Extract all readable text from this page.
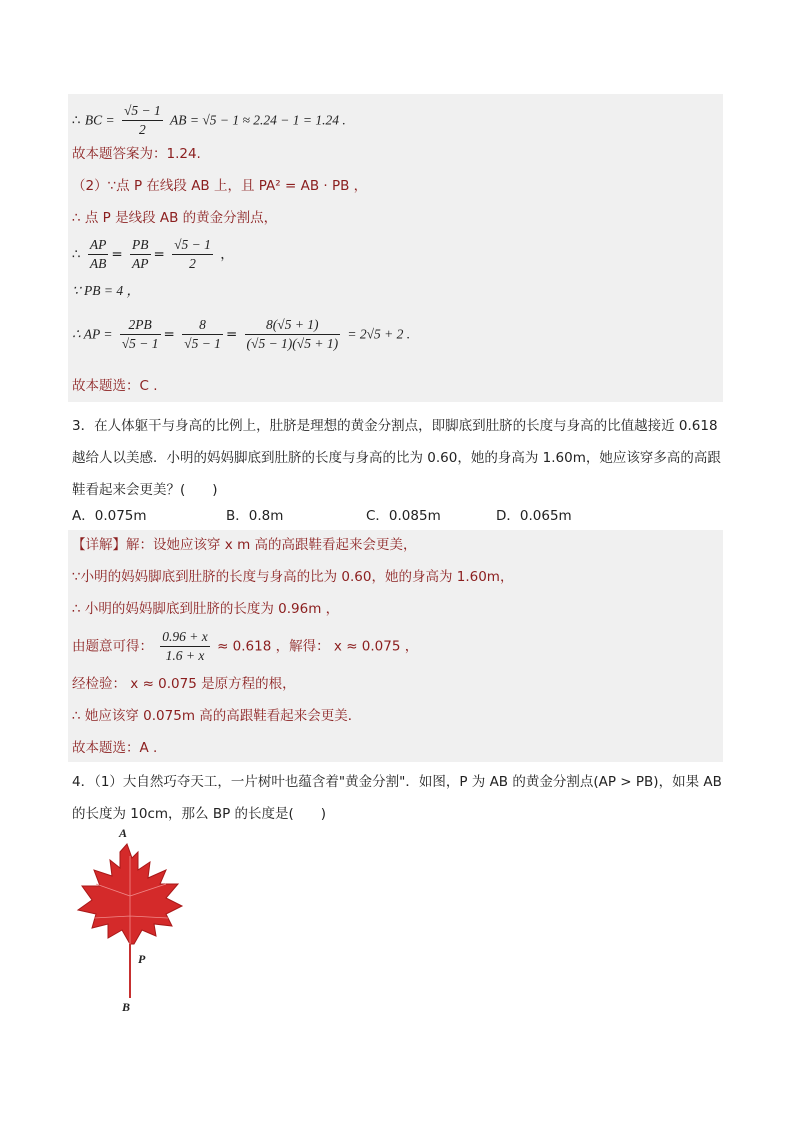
∴ BC = $\frac{√5 - 1}{2}$ AB = √5 − 1 ≈ 2.24 − 1 = 1.24 .
故本题答案为：1.24.
（2）∵点 P 在线段 AB 上，且 PA² = AB · PB ，
∴ 点 P 是线段 AB 的黄金分割点，
∴ $\frac{AP}{AB} = \frac{PB}{AP} = \frac{√5 - 1}{2}$ ，
∵ PB = 4 ，
∴ AP = $\frac{2PB}{√5 - 1} = \frac{8}{√5 - 1} = \frac{8(√5 + 1)}{(√5 - 1)(√5 + 1)} = 2√5 + 2$ .
故本题选：C .
3．在人体躯干与身高的比例上，肚脐是理想的黄金分割点，即脚底到肚脐的长度与身高的比值越接近 0.618 越给人以美感．小明的妈妈脚底到肚脐的长度与身高的比为 0.60，她的身高为 1.60m，她应该穿多高的高跟鞋看起来会更美？(　　)
A．0.075m	B．0.8m	C．0.085m	D．0.065m
【详解】解：设她应该穿 x m 高的高跟鞋看起来会更美，
∵小明的妈妈脚底到肚脐的长度与身高的比为 0.60，她的身高为 1.60m，
∴ 小明的妈妈脚底到肚脐的长度为 0.96m ，
由题意可得： $\frac{0.96 + x}{1.6 + x} \approx 0.618$ ，解得： x ≈ 0.075 ，
经检验： x ≈ 0.075 是原方程的根，
∴ 她应该穿 0.075m 高的高跟鞋看起来会更美．
故本题选：A .
4．（1）大自然巧夺天工，一片树叶也蕴含着"黄金分割"．如图，P 为 AB 的黄金分割点(AP > PB)，如果 AB 的长度为 10cm，那么 BP 的长度是(　　)
A
P
B
